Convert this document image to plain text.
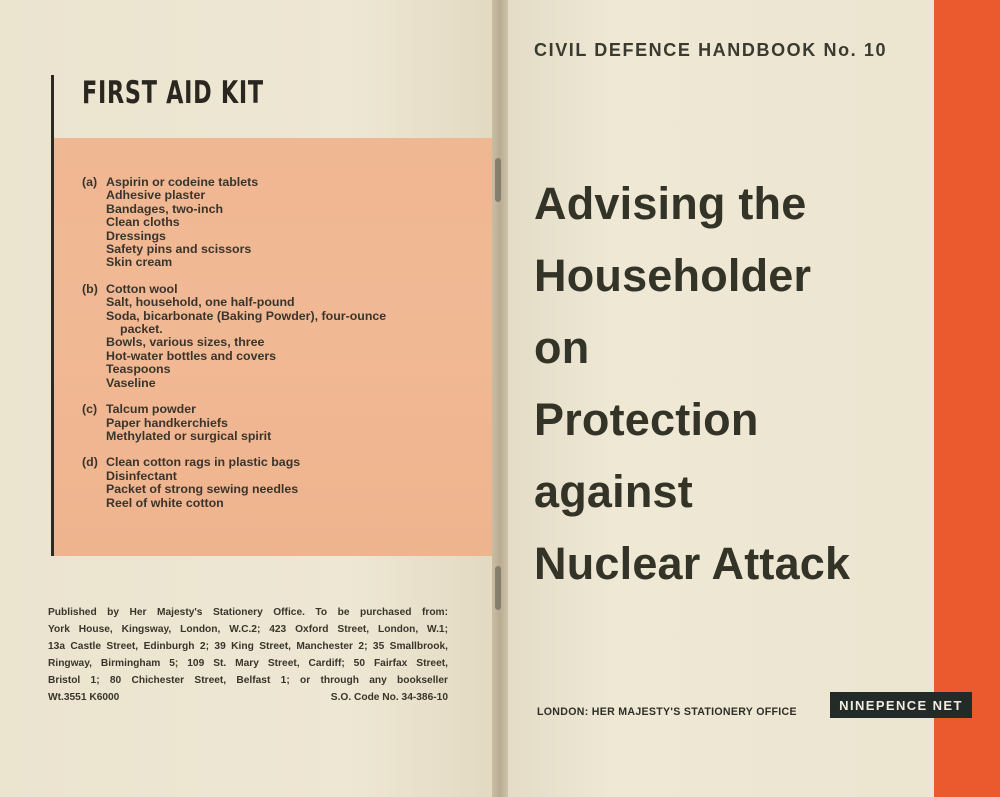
FIRST AID KIT
(a) Aspirin or codeine tablets
Adhesive plaster
Bandages, two-inch
Clean cloths
Dressings
Safety pins and scissors
Skin cream
(b) Cotton wool
Salt, household, one half-pound
Soda, bicarbonate (Baking Powder), four-ounce
packet.
Bowls, various sizes, three
Hot-water bottles and covers
Teaspoons
Vaseline
(c) Talcum powder
Paper handkerchiefs
Methylated or surgical spirit
(d) Clean cotton rags in plastic bags
Disinfectant
Packet of strong sewing needles
Reel of white cotton
Published by Her Majesty's Stationery Office. To be purchased from:
York House, Kingsway, London, W.C.2; 423 Oxford Street, London, W.1;
13a Castle Street, Edinburgh 2; 39 King Street, Manchester 2; 35 Smallbrook,
Ringway, Birmingham 5; 109 St. Mary Street, Cardiff; 50 Fairfax Street,
Bristol 1; 80 Chichester Street, Belfast 1; or through any bookseller
Wt.3551 K6000	S.O. Code No. 34-386-10
CIVIL DEFENCE HANDBOOK No. 10
Advising the
Householder
on
Protection
against
Nuclear Attack
LONDON: HER MAJESTY'S STATIONERY OFFICE	NINEPENCE NET
